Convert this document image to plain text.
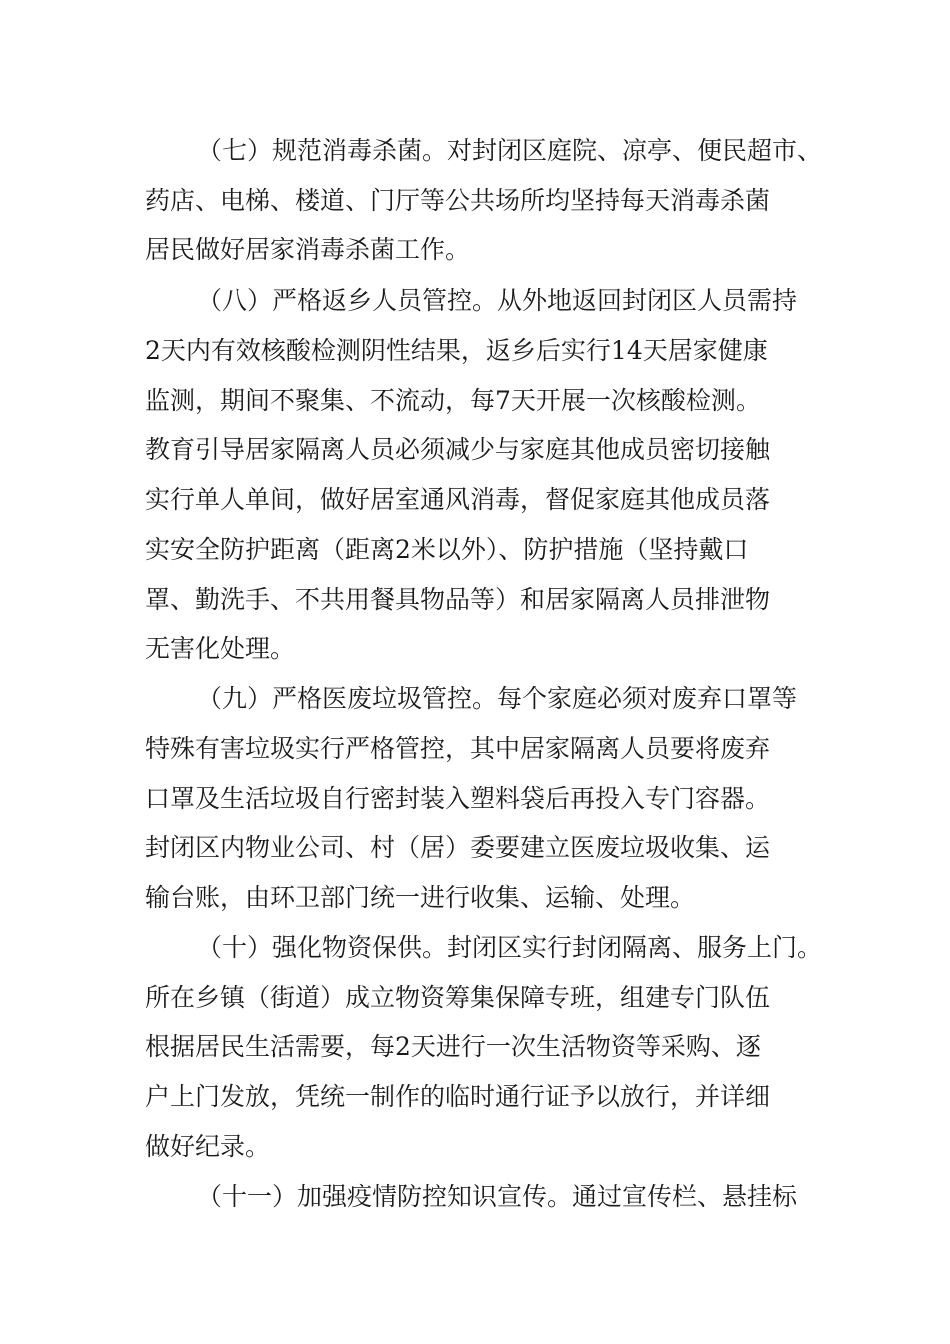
（七）规范消毒杀菌。对封闭区庭院、凉亭、便民超市、
药店、电梯、楼道、门厅等公共场所均坚持每天消毒杀菌
居民做好居家消毒杀菌工作。
（八）严格返乡人员管控。从外地返回封闭区人员需持
2天内有效核酸检测阴性结果，返乡后实行14天居家健康
监测，期间不聚集、不流动，每7天开展一次核酸检测。
教育引导居家隔离人员必须减少与家庭其他成员密切接触
实行单人单间，做好居室通风消毒，督促家庭其他成员落
实安全防护距离（距离2米以外）、防护措施（坚持戴口
罩、勤洗手、不共用餐具物品等）和居家隔离人员排泄物
无害化处理。
（九）严格医废垃圾管控。每个家庭必须对废弃口罩等
特殊有害垃圾实行严格管控，其中居家隔离人员要将废弃
口罩及生活垃圾自行密封装入塑料袋后再投入专门容器。
封闭区内物业公司、村（居）委要建立医废垃圾收集、运
输台账，由环卫部门统一进行收集、运输、处理。
（十）强化物资保供。封闭区实行封闭隔离、服务上门。
所在乡镇（街道）成立物资筹集保障专班，组建专门队伍
根据居民生活需要，每2天进行一次生活物资等采购、逐
户上门发放，凭统一制作的临时通行证予以放行，并详细
做好纪录。
（十一）加强疫情防控知识宣传。通过宣传栏、悬挂标
